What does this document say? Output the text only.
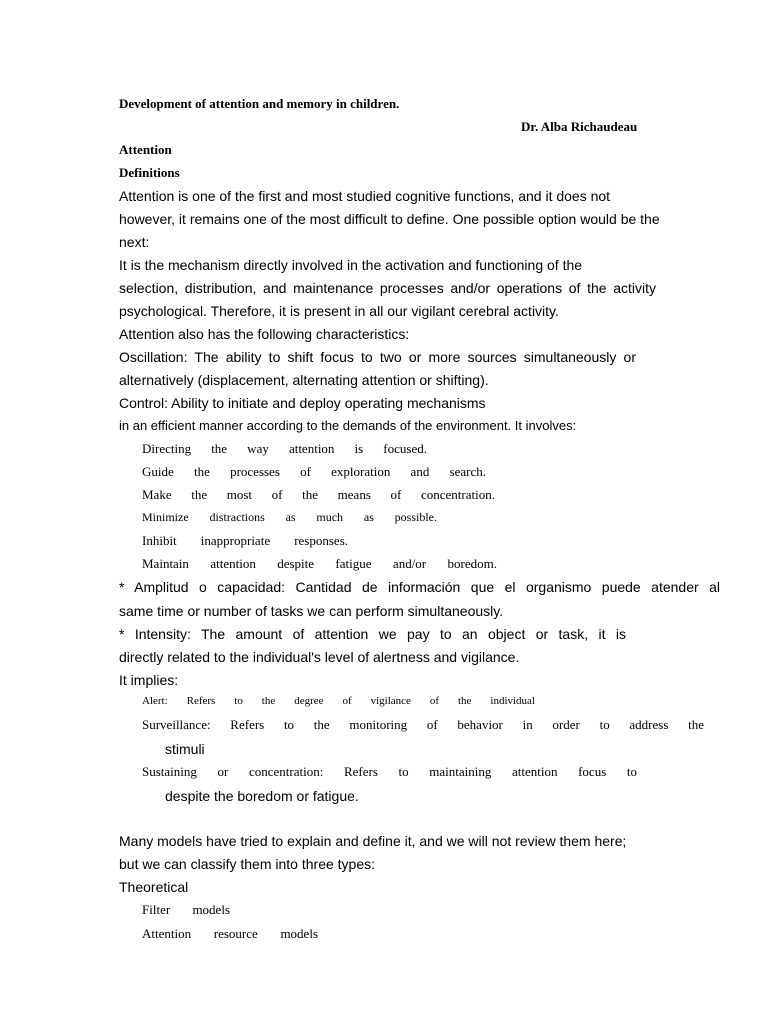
Development of attention and memory in children.

Dr. Alba Richaudeau

Attention

Definitions

Attention is one of the first and most studied cognitive functions, and it does not

however, it remains one of the most difficult to define. One possible option would be the

next:

It is the mechanism directly involved in the activation and functioning of the

selection, distribution, and maintenance processes and/or operations of the activity

psychological. Therefore, it is present in all our vigilant cerebral activity.

Attention also has the following characteristics:

Oscillation: The ability to shift focus to two or more sources simultaneously or

alternatively (displacement, alternating attention or shifting).

Control: Ability to initiate and deploy operating mechanisms

in an efficient manner according to the demands of the environment. It involves:

Directing the way attention is focused.

Guide the processes of exploration and search.

Make the most of the means of concentration.

Minimize distractions as much as possible.

Inhibit inappropriate responses.

Maintain attention despite fatigue and/or boredom.

* Amplitud o capacidad: Cantidad de información que el organismo puede atender al

same time or number of tasks we can perform simultaneously.

* Intensity: The amount of attention we pay to an object or task, it is

directly related to the individual's level of alertness and vigilance.

It implies:

Alert: Refers to the degree of vigilance of the individual

Surveillance: Refers to the monitoring of behavior in order to address the

stimuli

Sustaining or concentration: Refers to maintaining attention focus to

despite the boredom or fatigue.

Many models have tried to explain and define it, and we will not review them here;

but we can classify them into three types:

Theoretical

Filter models

Attention resource models
